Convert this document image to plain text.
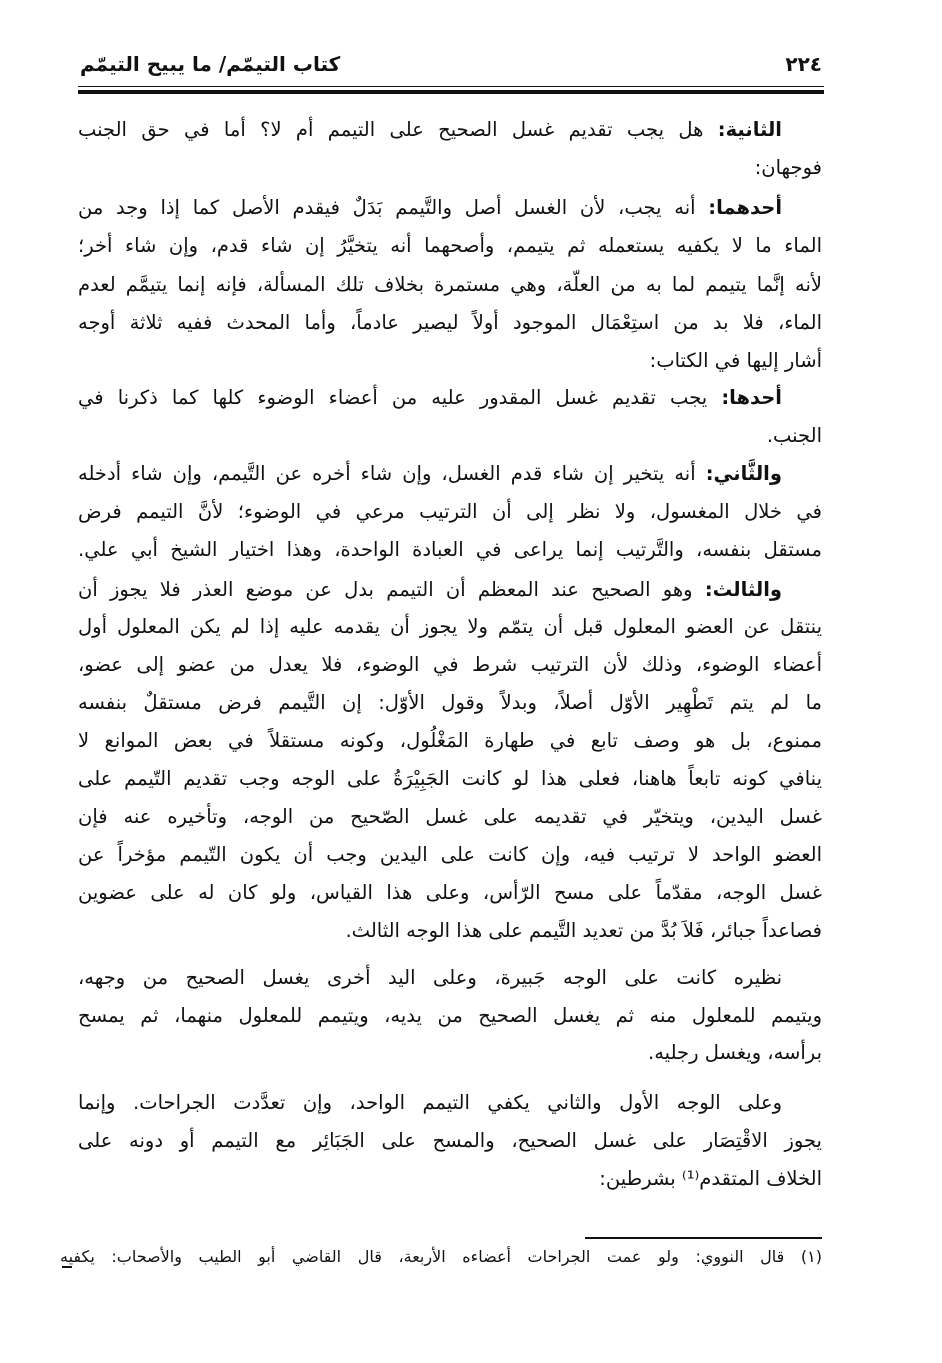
كتاب التيمّم/ ما يبيح التيمّم	٢٢٤
الثانية: هل يجب تقديم غسل الصحيح على التيمم أم لا؟ أما في حق الجنب
فوجهان:
أحدهما: أنه يجب، لأن الغسل أصل والتَّيمم بَدَلٌ فيقدم الأصل كما إذا وجد من
الماء ما لا يكفيه يستعمله ثم يتيمم، وأصحهما أنه يتخيَّرُ إن شاء قدم، وإن شاء أخر؛
لأنه إنَّما يتيمم لما به من العلّة، وهي مستمرة بخلاف تلك المسألة، فإنه إنما يتيمَّم لعدم
الماء، فلا بد من استِعْمَال الموجود أولاً ليصير عادماً، وأما المحدث ففيه ثلاثة أوجه
أشار إليها في الكتاب:
أحدها: يجب تقديم غسل المقدور عليه من أعضاء الوضوء كلها كما ذكرنا في
الجنب.
والثَّاني: أنه يتخير إن شاء قدم الغسل، وإن شاء أخره عن التَّيمم، وإن شاء أدخله
في خلال المغسول، ولا نظر إلى أن الترتيب مرعي في الوضوء؛ لأنَّ التيمم فرض
مستقل بنفسه، والتَّرتيب إنما يراعى في العبادة الواحدة، وهذا اختيار الشيخ أبي علي.
والثالث: وهو الصحيح عند المعظم أن التيمم بدل عن موضع العذر فلا يجوز أن
ينتقل عن العضو المعلول قبل أن يتمّم ولا يجوز أن يقدمه عليه إذا لم يكن المعلول أول
أعضاء الوضوء، وذلك لأن الترتيب شرط في الوضوء، فلا يعدل من عضو إلى عضو،
ما لم يتم تَطْهِير الأوّل أصلاً، وبدلاً وقول الأوّل: إن التَّيمم فرض مستقلٌ بنفسه
ممنوع، بل هو وصف تابع في طهارة المَغْلُول، وكونه مستقلاً في بعض الموانع لا
ينافي كونه تابعاً هاهنا، فعلى هذا لو كانت الجَبِيْرَةُ على الوجه وجب تقديم التّيمم على
غسل اليدين، ويتخيّر في تقديمه على غسل الصّحيح من الوجه، وتأخيره عنه فإن
العضو الواحد لا ترتيب فيه، وإن كانت على اليدين وجب أن يكون التّيمم مؤخراً عن
غسل الوجه، مقدّماً على مسح الرّأس، وعلى هذا القياس، ولو كان له على عضوين
فصاعداً جبائر، فَلاَ بُدَّ من تعديد التَّيمم على هذا الوجه الثالث.
نظيره كانت على الوجه جَبيرة، وعلى اليد أخرى يغسل الصحيح من وجهه،
ويتيمم للمعلول منه ثم يغسل الصحيح من يديه، ويتيمم للمعلول منهما، ثم يمسح
برأسه، ويغسل رجليه.
وعلى الوجه الأول والثاني يكفي التيمم الواحد، وإن تعدَّدت الجراحات. وإنما
يجوز الاقْتِصَار على غسل الصحيح، والمسح على الجَبَائِر مع التيمم أو دونه على
الخلاف المتقدم⁽¹⁾ بشرطين:
(١) قال النووي: ولو عمت الجراحات أعضاءه الأربعة، قال القاضي أبو الطيب والأصحاب: يكفيه
